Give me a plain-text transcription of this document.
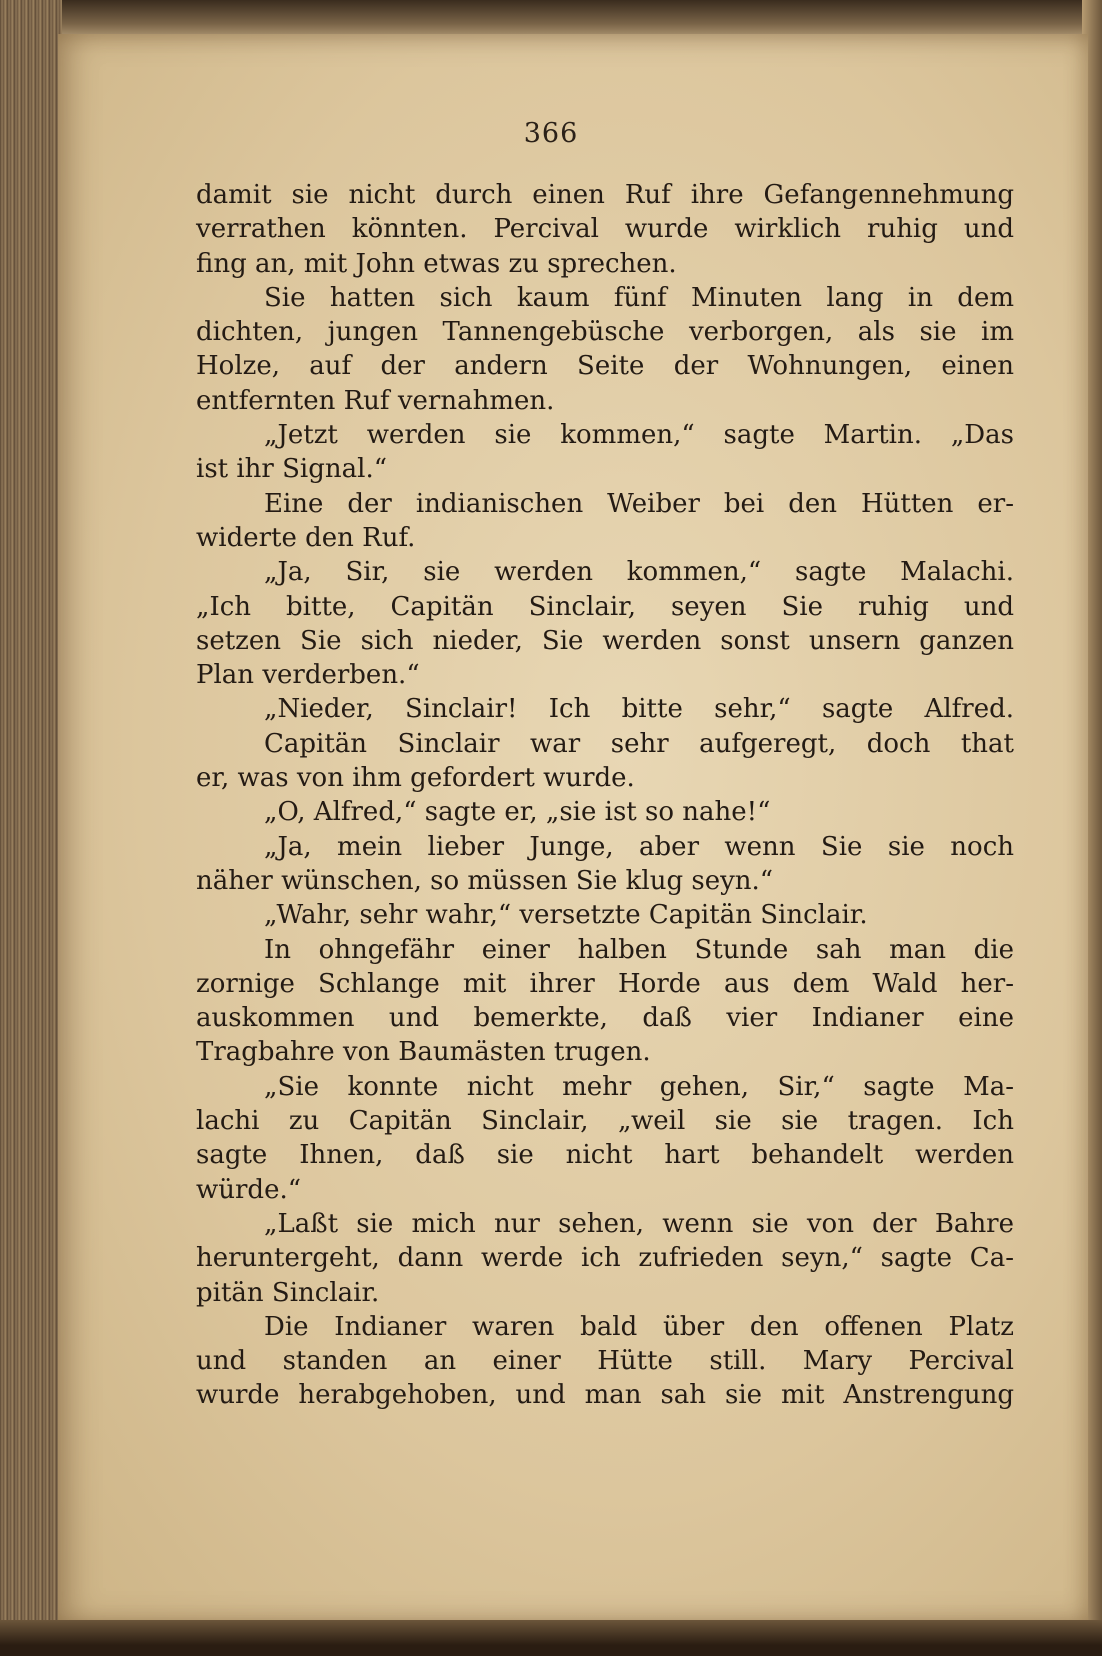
366
damit sie nicht durch einen Ruf ihre Gefangennehmung
verrathen könnten. Percival wurde wirklich ruhig und
fing an, mit John etwas zu sprechen.
Sie hatten sich kaum fünf Minuten lang in dem
dichten, jungen Tannengebüsche verborgen, als sie im
Holze, auf der andern Seite der Wohnungen, einen
entfernten Ruf vernahmen.
„Jetzt werden sie kommen,“ sagte Martin. „Das
ist ihr Signal.“
Eine der indianischen Weiber bei den Hütten er-
widerte den Ruf.
„Ja, Sir, sie werden kommen,“ sagte Malachi.
„Ich bitte, Capitän Sinclair, seyen Sie ruhig und
setzen Sie sich nieder, Sie werden sonst unsern ganzen
Plan verderben.“
„Nieder, Sinclair! Ich bitte sehr,“ sagte Alfred.
Capitän Sinclair war sehr aufgeregt, doch that
er, was von ihm gefordert wurde.
„O, Alfred,“ sagte er, „sie ist so nahe!“
„Ja, mein lieber Junge, aber wenn Sie sie noch
näher wünschen, so müssen Sie klug seyn.“
„Wahr, sehr wahr,“ versetzte Capitän Sinclair.
In ohngefähr einer halben Stunde sah man die
zornige Schlange mit ihrer Horde aus dem Wald her-
auskommen und bemerkte, daß vier Indianer eine
Tragbahre von Baumästen trugen.
„Sie konnte nicht mehr gehen, Sir,“ sagte Ma-
lachi zu Capitän Sinclair, „weil sie sie tragen. Ich
sagte Ihnen, daß sie nicht hart behandelt werden
würde.“
„Laßt sie mich nur sehen, wenn sie von der Bahre
heruntergeht, dann werde ich zufrieden seyn,“ sagte Ca-
pitän Sinclair.
Die Indianer waren bald über den offenen Platz
und standen an einer Hütte still. Mary Percival
wurde herabgehoben, und man sah sie mit Anstrengung
